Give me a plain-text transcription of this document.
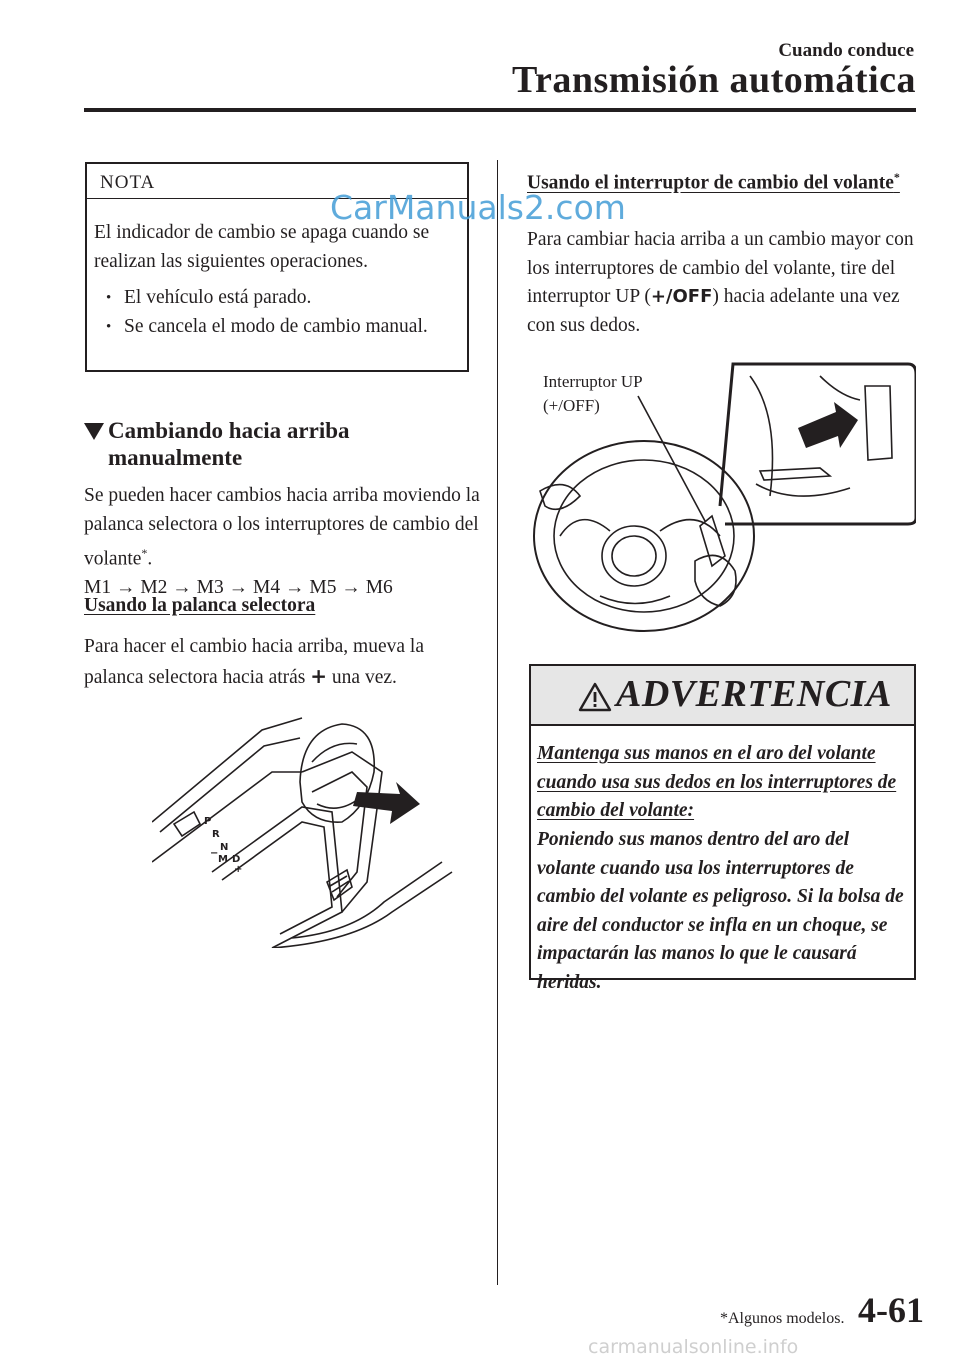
Cuando conduce
Transmisión automática
NOTA
El indicador de cambio se apaga cuando se realizan las siguientes operaciones.
• El vehículo está parado.
• Se cancela el modo de cambio manual.
Cambiando hacia arriba manualmente
Se pueden hacer cambios hacia arriba moviendo la palanca selectora o los interruptores de cambio del volante*.
M1 → M2 → M3 → M4 → M5 → M6
Usando la palanca selectora
Para hacer el cambio hacia arriba, mueva la palanca selectora hacia atrás + una vez.
P
R
N
D
M
+
−
Usando el interruptor de cambio del volante*
Para cambiar hacia arriba a un cambio mayor con los interruptores de cambio del volante, tire del interruptor UP (+/OFF) hacia adelante una vez con sus dedos.
Interruptor UP
(+/OFF)
ADVERTENCIA
Mantenga sus manos en el aro del volante cuando usa sus dedos en los interruptores de cambio del volante:
Poniendo sus manos dentro del aro del volante cuando usa los interruptores de cambio del volante es peligroso. Si la bolsa de aire del conductor se infla en un choque, se impactarán las manos lo que le causará heridas.
*Algunos modelos. 4-61
CarManuals2.com
carmanualsonline.info
